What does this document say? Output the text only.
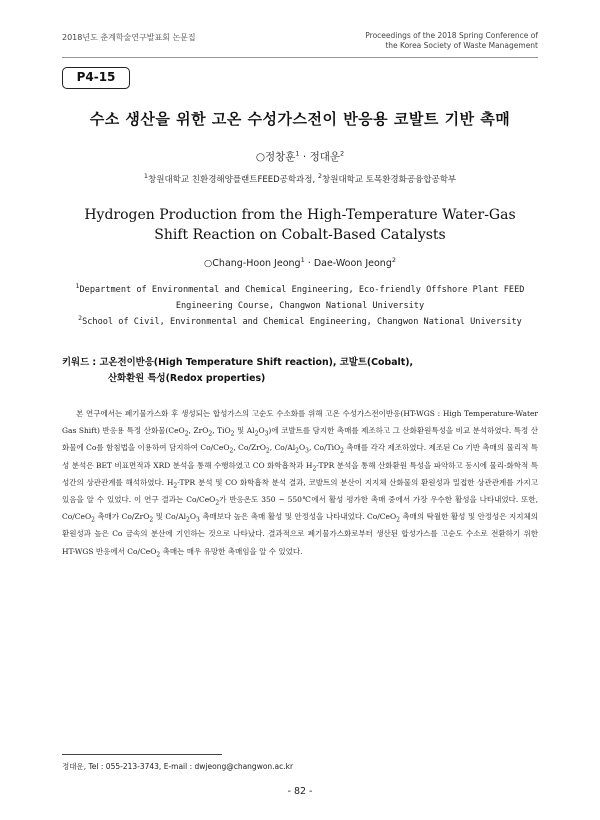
2018년도 춘계학술연구발표회 논문집	Proceedings of the 2018 Spring Conference of
the Korea Society of Waste Management
P4-15
수소 생산을 위한 고온 수성가스전이 반응용 코발트 기반 촉매
○정창훈$^1$ · 정대운$^2$
$^1$창원대학교 친환경해양플랜트FEED공학과정, $^2$창원대학교 토목환경화공융합공학부
Hydrogen Production from the High-Temperature Water-Gas
Shift Reaction on Cobalt-Based Catalysts
○Chang-Hoon Jeong$^1$ · Dae-Woon Jeong$^2$
$^1$Department of Environmental and Chemical Engineering, Eco-friendly Offshore Plant FEED
Engineering Course, Changwon National University
$^2$School of Civil, Environmental and Chemical Engineering, Changwon National University
키워드 : 고온전이반응(High Temperature Shift reaction), 코발트(Cobalt),
산화환원 특성(Redox properties)
본 연구에서는 폐기물가스화 후 생성되는 합성가스의 고순도 수소화를 위해 고온 수성가스전이반응(HT-WGS : High Temperature-Water Gas Shift) 반응용 특정 산화물(CeO$_2$, ZrO$_2$, TiO$_2$ 및 $Al_2O_3$)에 코발트를 담지한 촉매를 제조하고 그 산화환원특성을 비교 분석하였다. 특정 산화물에 Co를 함침법을 이용하여 담지하여 Co/CeO$_2$, Co/ZrO$_2$, $Co/Al_2O_3$, Co/TiO$_2$ 촉매를 각각 제조하였다. 제조된 Co 기반 촉매의 물리적 특성 분석은 BET 비표면적과 XRD 분석을 통해 수행하였고 CO 화학흡착과 $H_2$-TPR 분석을 통해 산화환원 특성을 파악하고 동시에 물리-화학적 특성간의 상관관계를 해석하였다. $H_2$-TPR 분석 및 CO 화학흡착 분석 결과, 코발트의 분산이 지지체 산화물의 환원성과 밀접한 상관관계를 가지고 있음을 알 수 있었다. 이 연구 결과는 Co/CeO$_2$가 반응온도 350 ~ 550℃에서 활성 평가한 촉매 중에서 가장 우수한 활성을 나타내었다. 또한, Co/CeO$_2$ 촉매가 Co/ZrO$_2$ 및 $Co/Al_2O_3$ 촉매보다 높은 촉매 활성 및 안정성을 나타내었다. Co/CeO$_2$ 촉매의 탁월한 활성 및 안정성은 지지체의 환원성과 높은 Co 금속의 분산에 기인하는 것으로 나타났다. 결과적으로 폐기물가스화로부터 생산된 합성가스를 고순도 수소로 전환하기 위한 HT-WGS 반응에서 Co/CeO$_2$ 촉매는 매우 유망한 촉매임을 알 수 있었다.
정대운, Tel : 055-213-3743, E-mail : dwjeong@changwon.ac.kr
- 82 -
